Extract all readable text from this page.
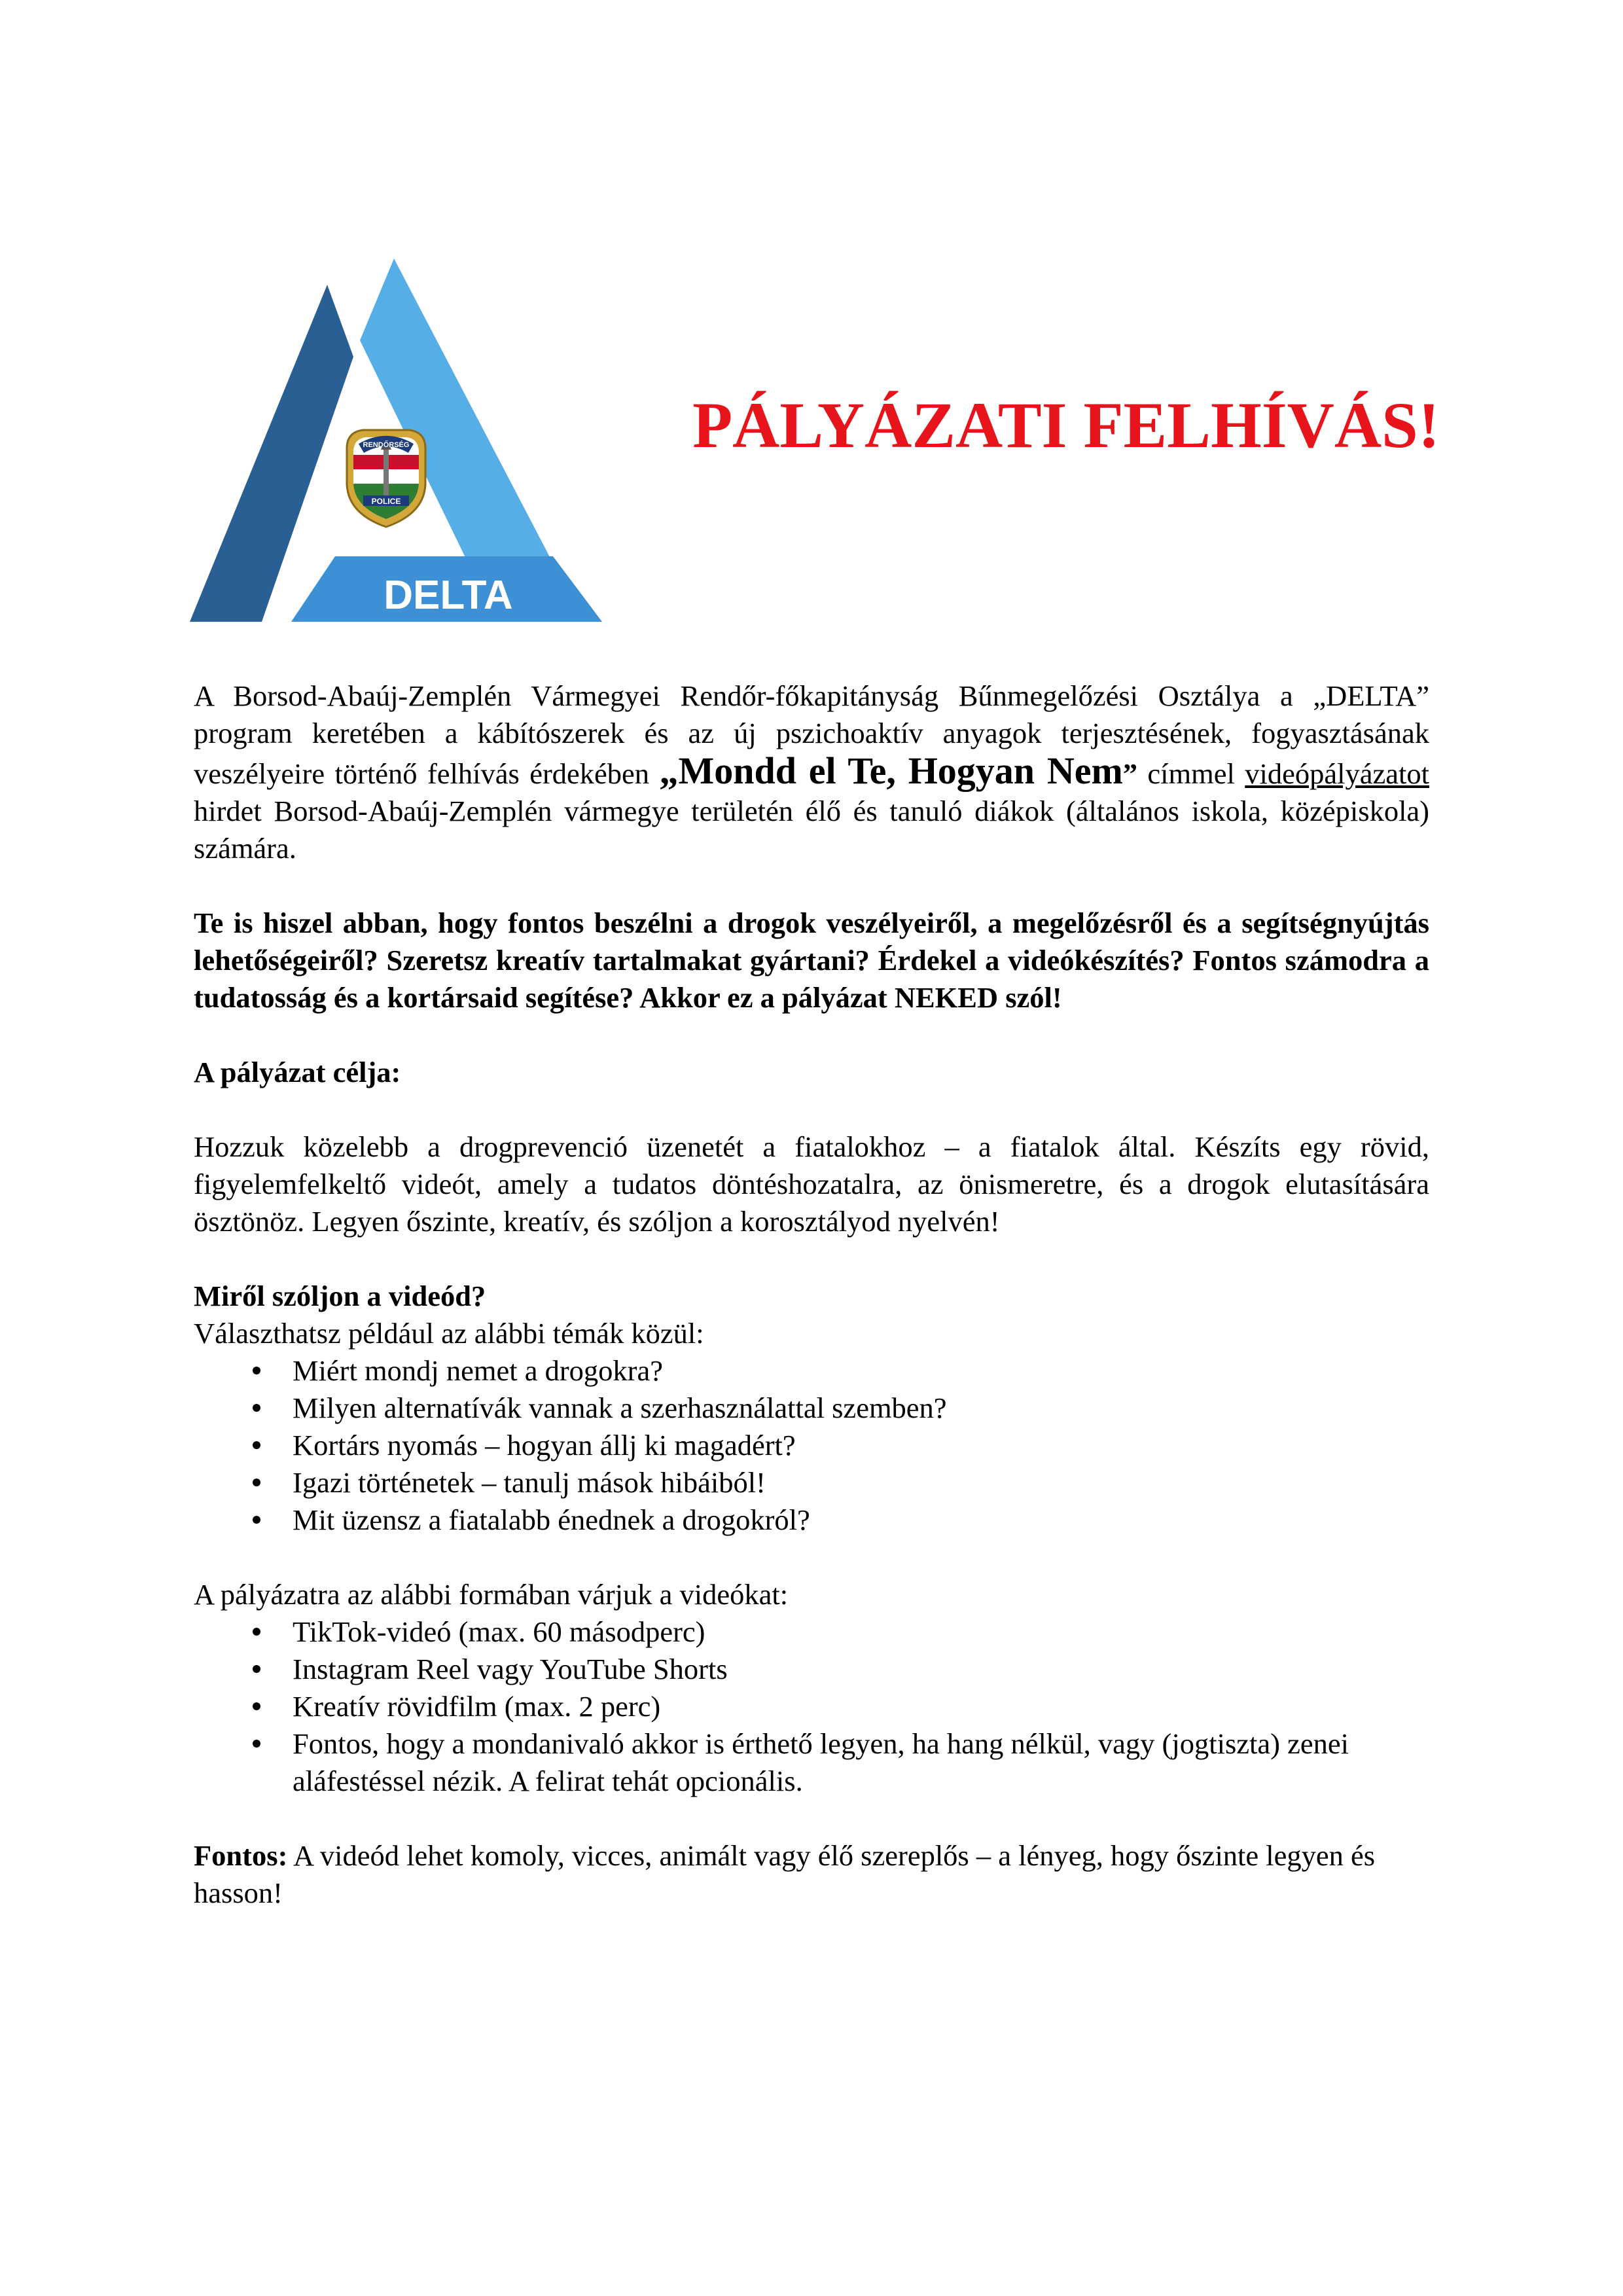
DELTA
RENDŐRSÉG
POLICE
PÁLYÁZATI FELHÍVÁS!

A Borsod-Abaúj-Zemplén Vármegyei Rendőr-főkapitányság Bűnmegelőzési Osztálya a „DELTA” program keretében a kábítószerek és az új pszichoaktív anyagok terjesztésének, fogyasztásának veszélyeire történő felhívás érdekében „Mondd el Te, Hogyan Nem” címmel videópályázatot hirdet Borsod-Abaúj-Zemplén vármegye területén élő és tanuló diákok (általános iskola, középiskola) számára.

Te is hiszel abban, hogy fontos beszélni a drogok veszélyeiről, a megelőzésről és a segítségnyújtás lehetőségeiről? Szeretsz kreatív tartalmakat gyártani? Érdekel a videókészítés? Fontos számodra a tudatosság és a kortársaid segítése? Akkor ez a pályázat NEKED szól!

A pályázat célja:

Hozzuk közelebb a drogprevenció üzenetét a fiatalokhoz – a fiatalok által. Készíts egy rövid, figyelemfelkeltő videót, amely a tudatos döntéshozatalra, az önismeretre, és a drogok elutasítására ösztönöz. Legyen őszinte, kreatív, és szóljon a korosztályod nyelvén!

Miről szóljon a videód?

Választhatsz például az alábbi témák közül:

Miért mondj nemet a drogokra?
Milyen alternatívák vannak a szerhasználattal szemben?
Kortárs nyomás – hogyan állj ki magadért?
Igazi történetek – tanulj mások hibáiból!
Mit üzensz a fiatalabb énednek a drogokról?

A pályázatra az alábbi formában várjuk a videókat:

TikTok-videó (max. 60 másodperc)
Instagram Reel vagy YouTube Shorts
Kreatív rövidfilm (max. 2 perc)
Fontos, hogy a mondanivaló akkor is érthető legyen, ha hang nélkül, vagy (jogtiszta) zenei aláfestéssel nézik. A felirat tehát opcionális.

Fontos: A videód lehet komoly, vicces, animált vagy élő szereplős – a lényeg, hogy őszinte legyen és hasson!
